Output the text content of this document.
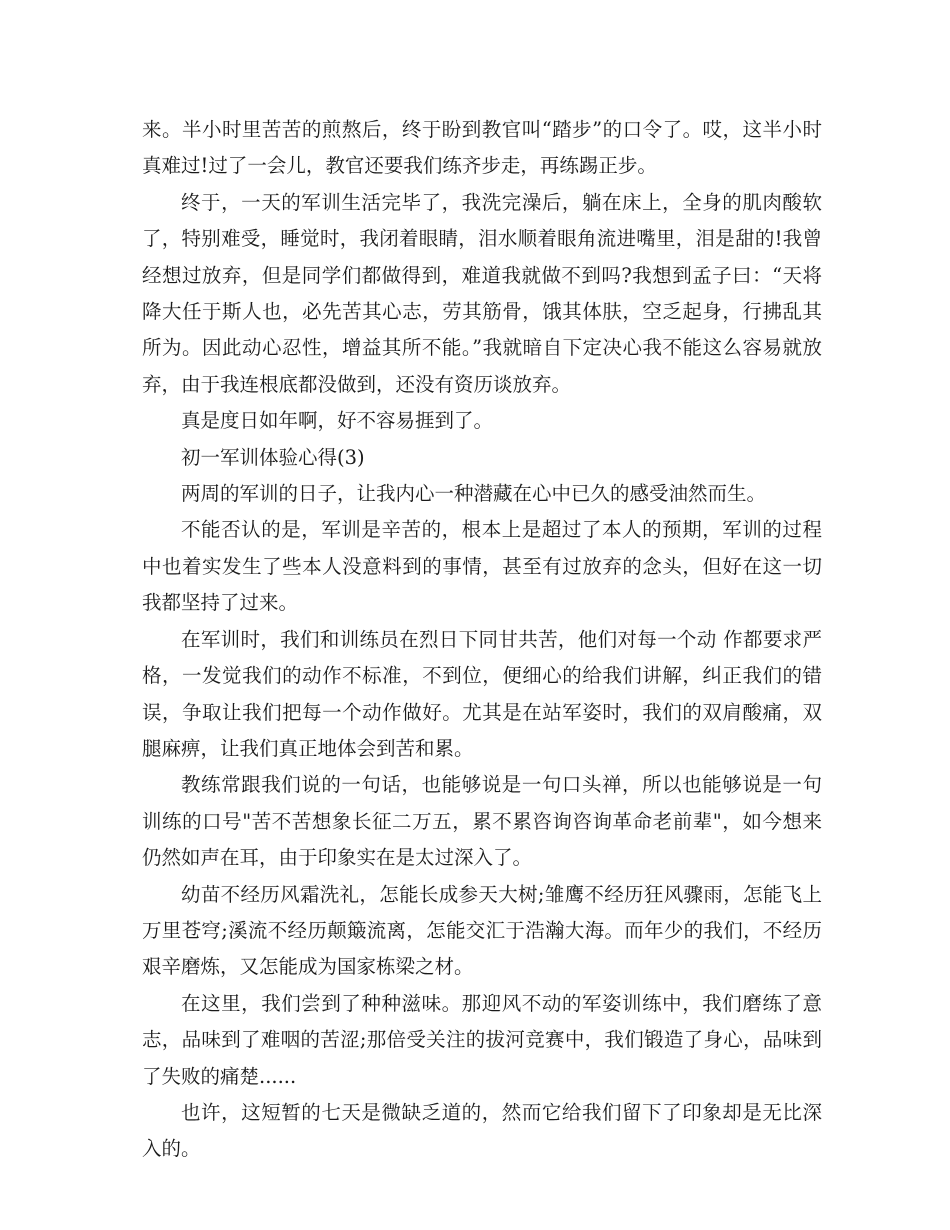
来。半小时里苦苦的煎熬后，终于盼到教官叫“踏步”的口令了。哎，这半小时真难过!过了一会儿，教官还要我们练齐步走，再练踢正步。

终于，一天的军训生活完毕了，我洗完澡后，躺在床上，全身的肌肉酸软了，特别难受，睡觉时，我闭着眼睛，泪水顺着眼角流进嘴里，泪是甜的!我曾经想过放弃，但是同学们都做得到，难道我就做不到吗?我想到孟子曰：“天将降大任于斯人也，必先苦其心志，劳其筋骨，饿其体肤，空乏起身，行拂乱其所为。因此动心忍性，增益其所不能。”我就暗自下定决心我不能这么容易就放弃，由于我连根底都没做到，还没有资历谈放弃。

真是度日如年啊，好不容易捱到了。

初一军训体验心得(3)

两周的军训的日子，让我内心一种潜藏在心中已久的感受油然而生。

不能否认的是，军训是辛苦的，根本上是超过了本人的预期，军训的过程中也着实发生了些本人没意料到的事情，甚至有过放弃的念头，但好在这一切我都坚持了过来。

在军训时，我们和训练员在烈日下同甘共苦，他们对每一个动 作都要求严格，一发觉我们的动作不标准，不到位，便细心的给我们讲解，纠正我们的错误，争取让我们把每一个动作做好。尤其是在站军姿时，我们的双肩酸痛，双腿麻痹，让我们真正地体会到苦和累。

教练常跟我们说的一句话，也能够说是一句口头禅，所以也能够说是一句训练的口号"苦不苦想象长征二万五，累不累咨询咨询革命老前辈"，如今想来仍然如声在耳，由于印象实在是太过深入了。

幼苗不经历风霜洗礼，怎能长成参天大树;雏鹰不经历狂风骤雨，怎能飞上万里苍穹;溪流不经历颠簸流离，怎能交汇于浩瀚大海。而年少的我们，不经历艰辛磨炼，又怎能成为国家栋梁之材。

在这里，我们尝到了种种滋味。那迎风不动的军姿训练中，我们磨练了意志，品味到了难咽的苦涩;那倍受关注的拔河竞赛中，我们锻造了身心，品味到了失败的痛楚......

也许，这短暂的七天是微缺乏道的，然而它给我们留下了印象却是无比深入的。
